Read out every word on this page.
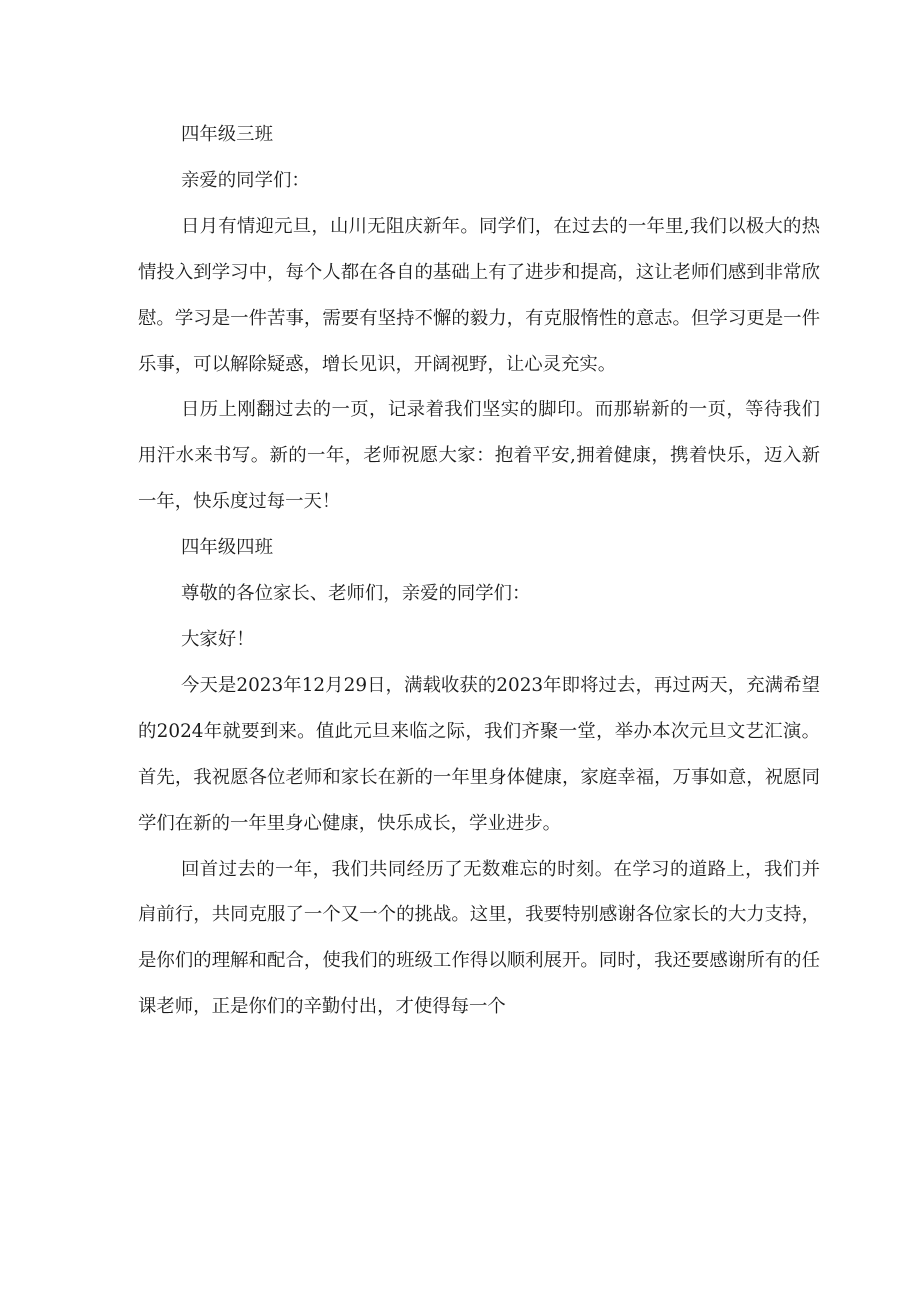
四年级三班

亲爱的同学们：

日月有情迎元旦，山川无阻庆新年。同学们，在过去的一年里,我们以极大的热情投入到学习中，每个人都在各自的基础上有了进步和提高，这让老师们感到非常欣慰。学习是一件苦事，需要有坚持不懈的毅力，有克服惰性的意志。但学习更是一件乐事，可以解除疑惑，增长见识，开阔视野，让心灵充实。

日历上刚翻过去的一页，记录着我们坚实的脚印。而那崭新的一页，等待我们用汗水来书写。新的一年，老师祝愿大家：抱着平安,拥着健康，携着快乐，迈入新一年，快乐度过每一天！

四年级四班

尊敬的各位家长、老师们，亲爱的同学们：

大家好！

今天是2023年12月29日，满载收获的2023年即将过去，再过两天，充满希望的2024年就要到来。值此元旦来临之际，我们齐聚一堂，举办本次元旦文艺汇演。首先，我祝愿各位老师和家长在新的一年里身体健康，家庭幸福，万事如意，祝愿同学们在新的一年里身心健康，快乐成长，学业进步。

回首过去的一年，我们共同经历了无数难忘的时刻。在学习的道路上，我们并肩前行，共同克服了一个又一个的挑战。这里，我要特别感谢各位家长的大力支持，是你们的理解和配合，使我们的班级工作得以顺利展开。同时，我还要感谢所有的任课老师，正是你们的辛勤付出，才使得每一个
